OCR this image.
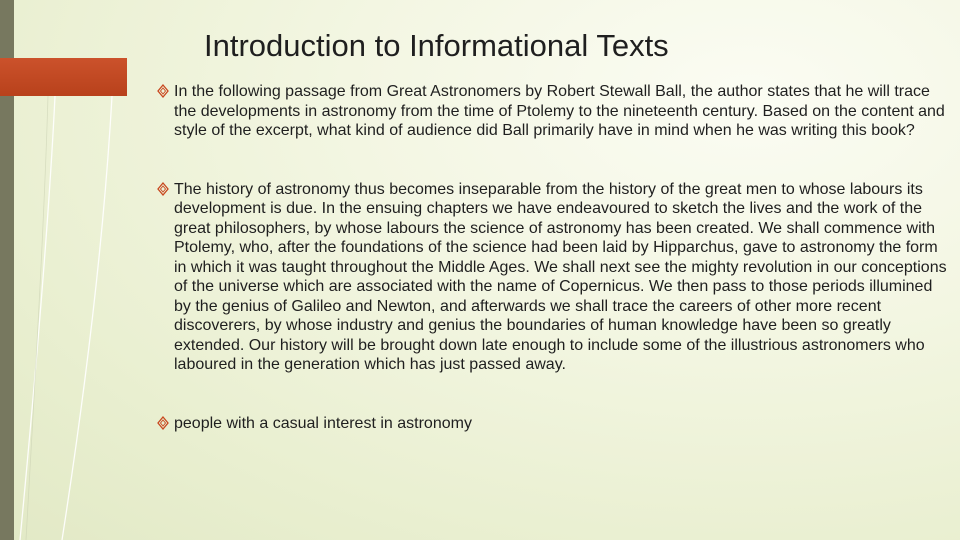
Introduction to Informational Texts
In the following passage from Great Astronomers by Robert Stewall Ball, the author states that he will trace the developments in astronomy from the time of Ptolemy to the nineteenth century. Based on the content and style of the excerpt, what kind of audience did Ball primarily have in mind when he was writing this book?
The history of astronomy thus becomes inseparable from the history of the great men to whose labours its development is due. In the ensuing chapters we have endeavoured to sketch the lives and the work of the great philosophers, by whose labours the science of astronomy has been created. We shall commence with Ptolemy, who, after the foundations of the science had been laid by Hipparchus, gave to astronomy the form in which it was taught throughout the Middle Ages. We shall next see the mighty revolution in our conceptions of the universe which are associated with the name of Copernicus. We then pass to those periods illumined by the genius of Galileo and Newton, and afterwards we shall trace the careers of other more recent discoverers, by whose industry and genius the boundaries of human knowledge have been so greatly extended. Our history will be brought down late enough to include some of the illustrious astronomers who laboured in the generation which has just passed away.
people with a casual interest in astronomy
